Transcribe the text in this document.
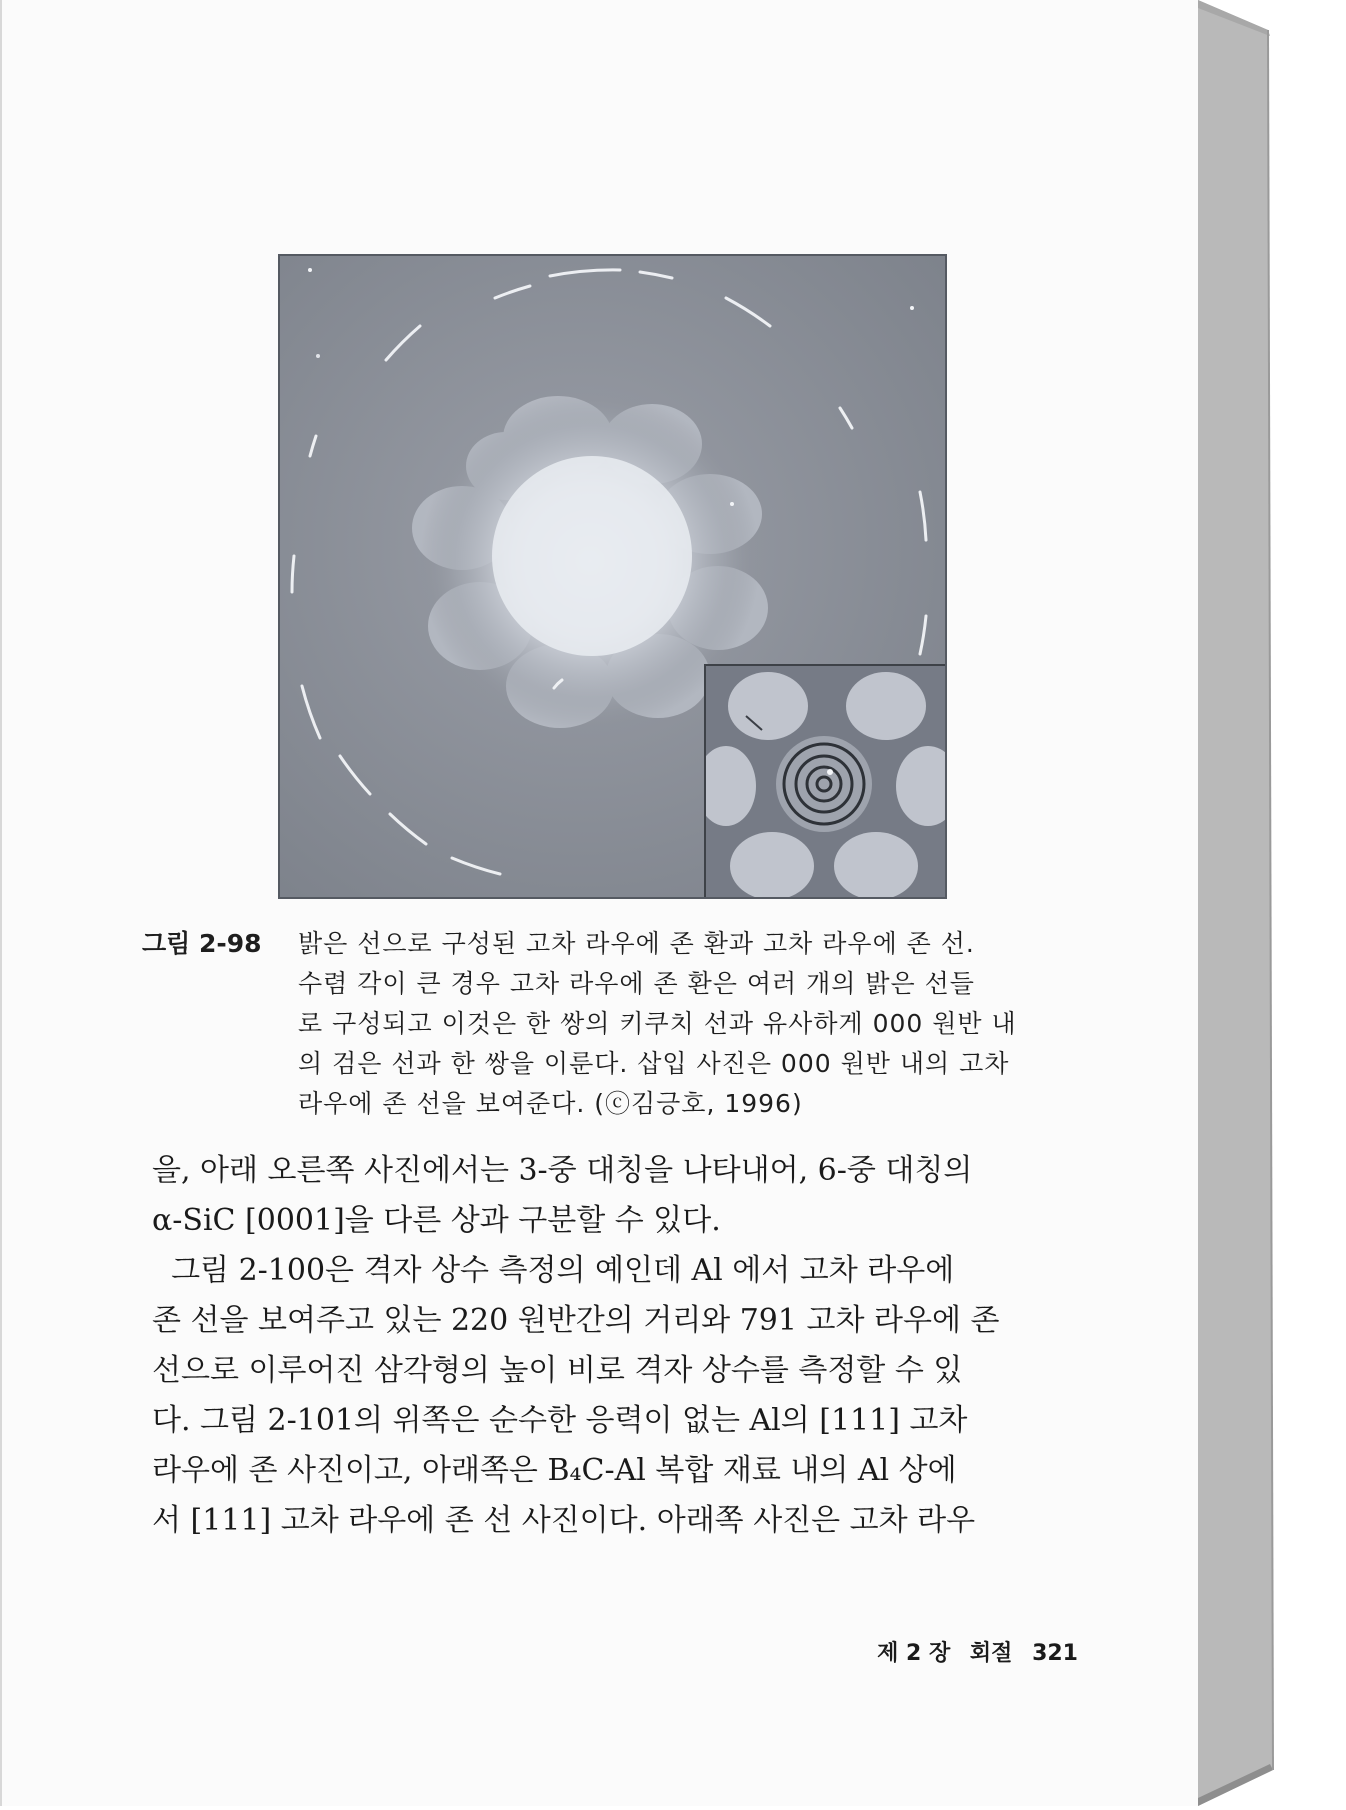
그림 2-98	밝은 선으로 구성된 고차 라우에 존 환과 고차 라우에 존 선.
수렴 각이 큰 경우 고차 라우에 존 환은 여러 개의 밝은 선들
로 구성되고 이것은 한 쌍의 키쿠치 선과 유사하게 000 원반 내
의 검은 선과 한 쌍을 이룬다. 삽입 사진은 000 원반 내의 고차
라우에 존 선을 보여준다. (ⓒ김긍호, 1996)
을, 아래 오른쪽 사진에서는 3-중 대칭을 나타내어, 6-중 대칭의
α-SiC [0001]을 다른 상과 구분할 수 있다.
그림 2-100은 격자 상수 측정의 예인데 Al 에서 고차 라우에
존 선을 보여주고 있는 220 원반간의 거리와 791 고차 라우에 존
선으로 이루어진 삼각형의 높이 비로 격자 상수를 측정할 수 있
다. 그림 2-101의 위쪽은 순수한 응력이 없는 Al의 [111] 고차
라우에 존 사진이고, 아래쪽은 B₄C-Al 복합 재료 내의 Al 상에
서 [111] 고차 라우에 존 선 사진이다. 아래쪽 사진은 고차 라우
제 2 장 회절 321
